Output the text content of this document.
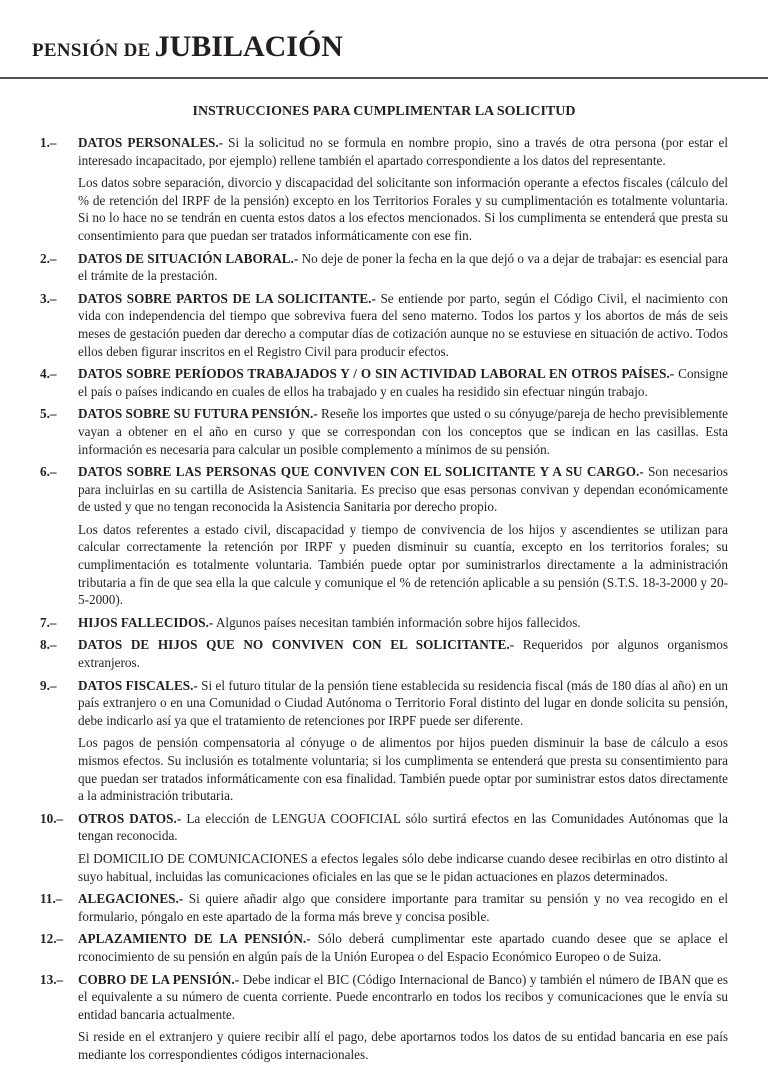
PENSIÓN DE JUBILACIÓN
INSTRUCCIONES PARA CUMPLIMENTAR LA SOLICITUD
1.– DATOS PERSONALES.- Si la solicitud no se formula en nombre propio, sino a través de otra persona (por estar el interesado incapacitado, por ejemplo) rellene también el apartado correspondiente a los datos del representante.

Los datos sobre separación, divorcio y discapacidad del solicitante son información operante a efectos fiscales (cálculo del % de retención del IRPF de la pensión) excepto en los Territorios Forales y su cumplimentación es totalmente voluntaria. Si no lo hace no se tendrán en cuenta estos datos a los efectos mencionados. Si los cumplimenta se entenderá que presta su consentimiento para que puedan ser tratados informáticamente con ese fin.

2.– DATOS DE SITUACIÓN LABORAL.- No deje de poner la fecha en la que dejó o va a dejar de trabajar: es esencial para el trámite de la prestación.

3.– DATOS SOBRE PARTOS DE LA SOLICITANTE.- Se entiende por parto, según el Código Civil, el nacimiento con vida con independencia del tiempo que sobreviva fuera del seno materno. Todos los partos y los abortos de más de seis meses de gestación pueden dar derecho a computar días de cotización aunque no se estuviese en situación de activo. Todos ellos deben figurar inscritos en el Registro Civil para producir efectos.

4.– DATOS SOBRE PERÍODOS TRABAJADOS Y / O SIN ACTIVIDAD LABORAL EN OTROS PAÍSES.- Consigne el país o países indicando en cuales de ellos ha trabajado y en cuales ha residido sin efectuar ningún trabajo.

5.– DATOS SOBRE SU FUTURA PENSIÓN.- Reseñe los importes que usted o su cónyuge/pareja de hecho previsiblemente vayan a obtener en el año en curso y que se correspondan con los conceptos que se indican en las casillas. Esta información es necesaria para calcular un posible complemento a mínimos de su pensión.

6.– DATOS SOBRE LAS PERSONAS QUE CONVIVEN CON EL SOLICITANTE Y A SU CARGO.- Son necesarios para incluirlas en su cartilla de Asistencia Sanitaria. Es preciso que esas personas convivan y dependan económicamente de usted y que no tengan reconocida la Asistencia Sanitaria por derecho propio.

Los datos referentes a estado civil, discapacidad y tiempo de convivencia de los hijos y ascendientes se utilizan para calcular correctamente la retención por IRPF y pueden disminuir su cuantía, excepto en los territorios forales; su cumplimentación es totalmente voluntaria. También puede optar por suministrarlos directamente a la administración tributaria a fin de que sea ella la que calcule y comunique el % de retención aplicable a su pensión (S.T.S. 18-3-2000 y 20-5-2000).

7.– HIJOS FALLECIDOS.- Algunos países necesitan también información sobre hijos fallecidos.

8.– DATOS DE HIJOS QUE NO CONVIVEN CON EL SOLICITANTE.- Requeridos por algunos organismos extranjeros.

9.– DATOS FISCALES.- Si el futuro titular de la pensión tiene establecida su residencia fiscal (más de 180 días al año) en un país extranjero o en una Comunidad o Ciudad Autónoma o Territorio Foral distinto del lugar en donde solicita su pensión, debe indicarlo así ya que el tratamiento de retenciones por IRPF puede ser diferente.

Los pagos de pensión compensatoria al cónyuge o de alimentos por hijos pueden disminuir la base de cálculo a esos mismos efectos. Su inclusión es totalmente voluntaria; si los cumplimenta se entenderá que presta su consentimiento para que puedan ser tratados informáticamente con esa finalidad. También puede optar por suministrar estos datos directamente a la administración tributaria.

10.– OTROS DATOS.- La elección de LENGUA COOFICIAL sólo surtirá efectos en las Comunidades Autónomas que la tengan reconocida.

El DOMICILIO DE COMUNICACIONES a efectos legales sólo debe indicarse cuando desee recibirlas en otro distinto al suyo habitual, incluidas las comunicaciones oficiales en las que se le pidan actuaciones en plazos determinados.

11.– ALEGACIONES.- Si quiere añadir algo que considere importante para tramitar su pensión y no vea recogido en el formulario, póngalo en este apartado de la forma más breve y concisa posible.

12.– APLAZAMIENTO DE LA PENSIÓN.- Sólo deberá cumplimentar este apartado cuando desee que se aplace el rconocimiento de su pensión en algún país de la Unión Europea o del Espacio Económico Europeo o de Suiza.

13.– COBRO DE LA PENSIÓN.- Debe indicar el BIC (Código Internacional de Banco) y también el número de IBAN que es el equivalente a su número de cuenta corriente. Puede encontrarlo en todos los recibos y comunicaciones que le envía su entidad bancaria actualmente.

Si reside en el extranjero y quiere recibir allí el pago, debe aportarnos todos los datos de su entidad bancaria en ese país mediante los correspondientes códigos internacionales.
